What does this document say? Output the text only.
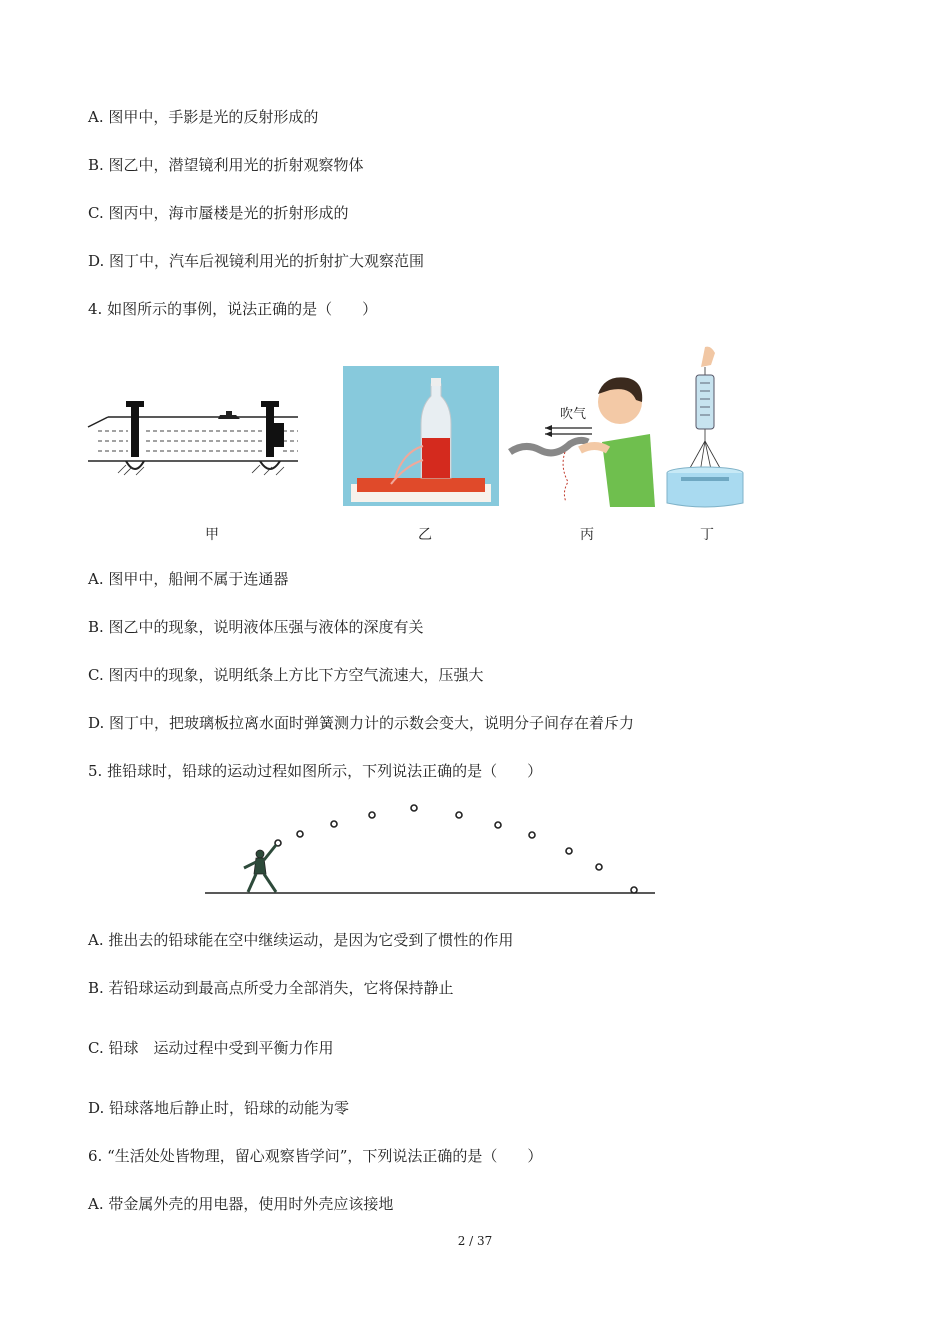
A. 图甲中，手影是光的反射形成的
B. 图乙中，潜望镜利用光的折射观察物体
C. 图丙中，海市蜃楼是光的折射形成的
D. 图丁中，汽车后视镜利用光的折射扩大观察范围
4. 如图所示的事例，说法正确的是（　　）
甲	乙
吹气
丙	丁
A. 图甲中，船闸不属于连通器
B. 图乙中的现象，说明液体压强与液体的深度有关
C. 图丙中的现象，说明纸条上方比下方空气流速大，压强大
D. 图丁中，把玻璃板拉离水面时弹簧测力计的示数会变大，说明分子间存在着斥力
5. 推铅球时，铅球的运动过程如图所示，下列说法正确的是（　　）
A. 推出去的铅球能在空中继续运动，是因为它受到了惯性的作用
B. 若铅球运动到最高点所受力全部消失，它将保持静止
C. 铅球　运动过程中受到平衡力作用
D. 铅球落地后静止时，铅球的动能为零
6. “生活处处皆物理，留心观察皆学问”，下列说法正确的是（　　）
A. 带金属外壳的用电器，使用时外壳应该接地
2 / 37
